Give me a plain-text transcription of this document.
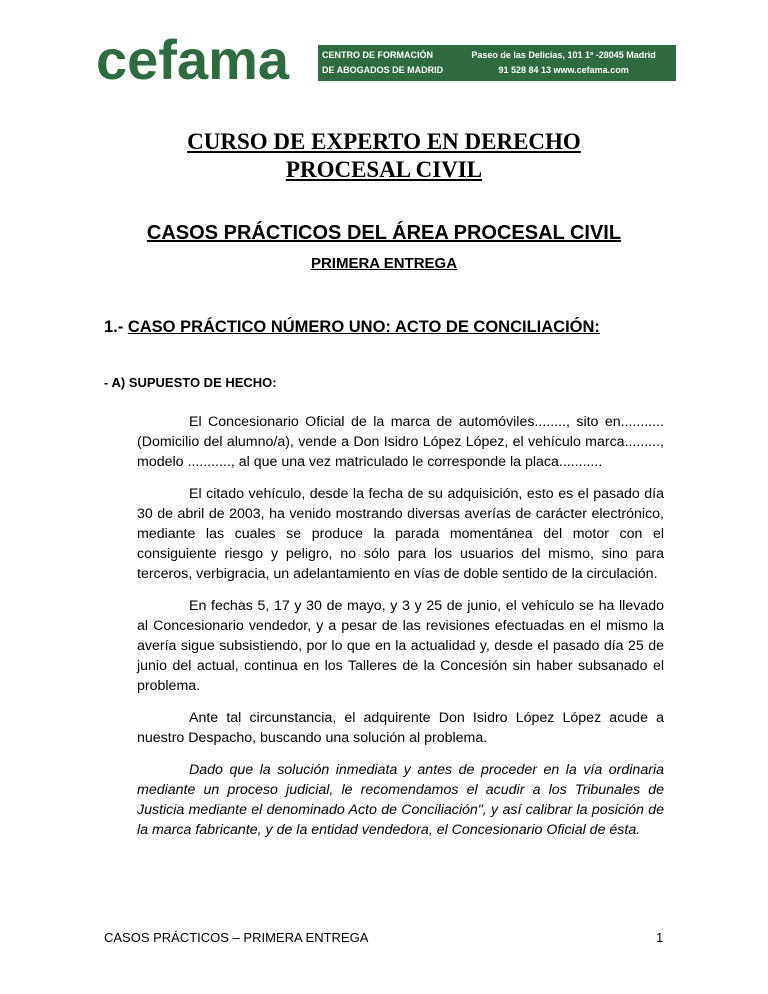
cefama	CENTRO DE FORMACIÓN
DE ABOGADOS DE MADRID
Paseo de las Delicias, 101 1º -28045 Madrid
91 528 84 13 www.cefama.com
CURSO DE EXPERTO EN DERECHO
PROCESAL CIVIL
CASOS PRÁCTICOS DEL ÁREA PROCESAL CIVIL
PRIMERA ENTREGA
1.- CASO PRÁCTICO NÚMERO UNO: ACTO DE CONCILIACIÓN:
- A) SUPUESTO DE HECHO:
El Concesionario Oficial de la marca de automóviles........, sito en........... (Domicilio del alumno/a), vende a Don Isidro López López, el vehículo marca........., modelo ..........., al que una vez matriculado le corresponde la placa...........
El citado vehículo, desde la fecha de su adquisición, esto es el pasado día 30 de abril de 2003, ha venido mostrando diversas averías de carácter electrónico, mediante las cuales se produce la parada momentánea del motor con el consiguiente riesgo y peligro, no sólo para los usuarios del mismo, sino para terceros, verbigracia, un adelantamiento en vías de doble sentido de la circulación.
En fechas 5, 17 y 30 de mayo, y 3 y 25 de junio, el vehículo se ha llevado al Concesionario vendedor, y a pesar de las revisiones efectuadas en el mismo la avería sigue subsistiendo, por lo que en la actualidad y, desde el pasado día 25 de junio del actual, continua en los Talleres de la Concesión sin haber subsanado el problema.
Ante tal circunstancia, el adquirente Don Isidro López López acude a nuestro Despacho, buscando una solución al problema.
Dado que la solución inmediata y antes de proceder en la vía ordinaria mediante un proceso judicial, le recomendamos el acudir a los Tribunales de Justicia mediante el denominado Acto de Conciliación", y así calibrar la posición de la marca fabricante, y de la entidad vendedora, el Concesionario Oficial de ésta.
CASOS PRÁCTICOS – PRIMERA ENTREGA	1
